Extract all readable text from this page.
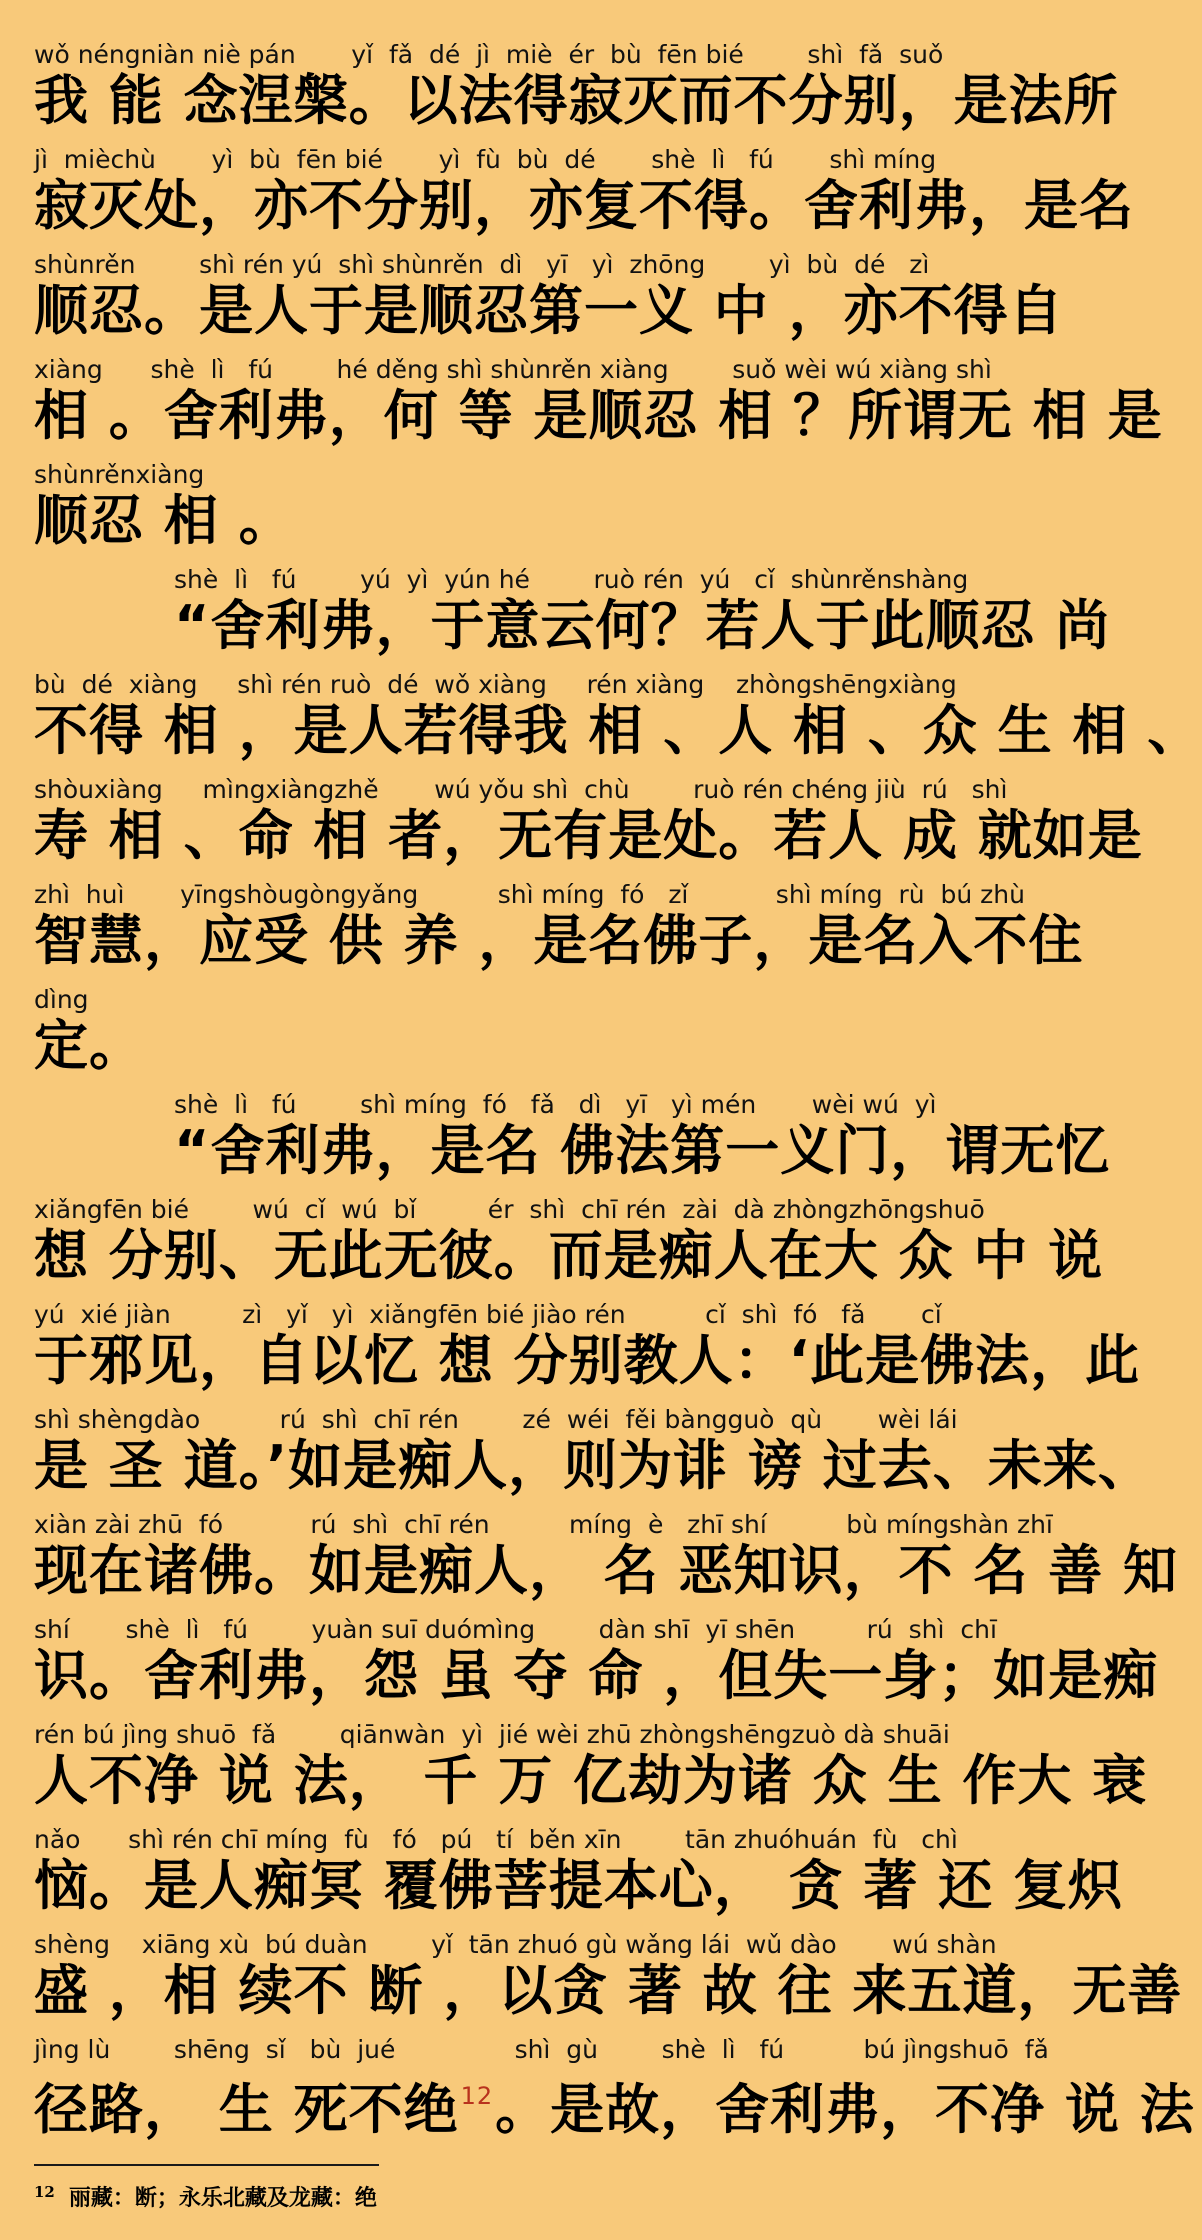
wǒ néngniàn niè pán       yǐ  fǎ  dé  jì  miè  ér  bù  fēn bié        shì  fǎ  suǒ
我 能 念涅槃。以法得寂灭而不分别，是法所
jì  mièchù       yì  bù  fēn bié       yì  fù  bù  dé       shè  lì   fú       shì míng
寂灭处，亦不分别，亦复不得。舍利弗，是名
shùnrěn        shì rén yú  shì shùnrěn  dì   yī   yì  zhōng        yì  bù  dé   zì
顺忍。是人于是顺忍第一义 中 ，亦不得自
xiàng      shè  lì   fú        hé děng shì shùnrěn xiàng        suǒ wèi wú xiàng shì
相 。舍利弗，何 等 是顺忍 相 ？所谓无 相 是
shùnrěnxiàng
顺忍 相 。
shè  lì   fú        yú  yì  yún hé        ruò rén  yú   cǐ  shùnrěnshàng
“舍利弗，于意云何？若人于此顺忍 尚
bù  dé  xiàng     shì rén ruò  dé  wǒ xiàng     rén xiàng    zhòngshēngxiàng
不得 相 ，是人若得我 相 、人 相 、众 生 相 、
shòuxiàng     mìngxiàngzhě       wú yǒu shì  chù        ruò rén chéng jiù  rú   shì
寿 相 、命 相 者，无有是处。若人 成 就如是
zhì  huì       yīngshòugòngyǎng          shì míng  fó   zǐ           shì míng  rù  bú zhù
智慧，应受 供 养 ，是名佛子，是名入不住
dìng
定。
shè  lì   fú        shì míng  fó   fǎ   dì   yī   yì mén       wèi wú  yì
“舍利弗，是名 佛法第一义门，谓无忆
xiǎngfēn bié        wú  cǐ  wú  bǐ         ér  shì  chī rén  zài  dà zhòngzhōngshuō
想 分别、无此无彼。而是痴人在大 众 中 说
yú  xié jiàn         zì   yǐ   yì  xiǎngfēn bié jiào rén          cǐ  shì  fó   fǎ       cǐ
于邪见，自以忆 想 分别教人：‘此是佛法，此
shì shèngdào          rú  shì  chī rén        zé  wéi  fěi bàngguò  qù       wèi lái
是 圣 道。’如是痴人，则为诽 谤 过去、未来、
xiàn zài zhū  fó           rú  shì  chī rén          míng  è   zhī shí          bù míngshàn zhī
现在诸佛。如是痴人， 名 恶知识，不 名 善 知
shí       shè  lì   fú        yuàn suī duómìng        dàn shī  yī shēn         rú  shì  chī
识。舍利弗，怨 虽 夺 命 ，但失一身；如是痴
rén bú jìng shuō  fǎ        qiānwàn  yì  jié wèi zhū zhòngshēngzuò dà shuāi
人不净 说 法， 千 万 亿劫为诸 众 生 作大 衰
nǎo      shì rén chī míng  fù   fó   pú   tí  běn xīn        tān zhuóhuán  fù   chì
恼。是人痴冥 覆佛菩提本心， 贪 著 还 复炽
shèng    xiāng xù  bú duàn        yǐ  tān zhuó gù wǎng lái  wǔ dào       wú shàn
盛 ，相 续不 断 ，以贪 著 故 往 来五道，无善
jìng lù        shēng  sǐ   bù  jué               shì  gù        shè  lì   fú          bú jìngshuō  fǎ
径路， 生 死不绝$^{12}$。是故，舍利弗，不净 说 法
$^{12}$ 丽藏：断；永乐北藏及龙藏：绝
